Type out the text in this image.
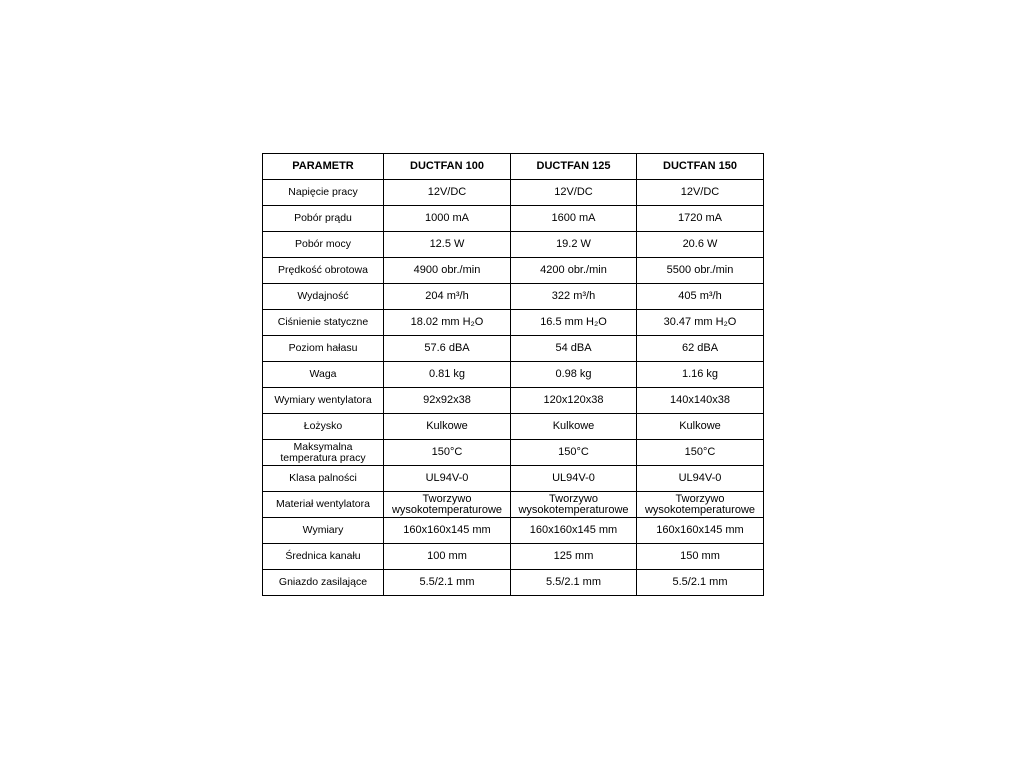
PARAMETR	DUCTFAN 100	DUCTFAN 125	DUCTFAN 150
Napięcie pracy	12V/DC	12V/DC	12V/DC
Pobór prądu	1000 mA	1600 mA	1720 mA
Pobór mocy	12.5 W	19.2 W	20.6 W
Prędkość obrotowa	4900 obr./min	4200 obr./min	5500 obr./min
Wydajność	204 m³/h	322 m³/h	405 m³/h
Ciśnienie statyczne	18.02 mm H₂O	16.5 mm H₂O	30.47 mm H₂O
Poziom hałasu	57.6 dBA	54 dBA	62 dBA
Waga	0.81 kg	0.98 kg	1.16 kg
Wymiary wentylatora	92x92x38	120x120x38	140x140x38
Łożysko	Kulkowe	Kulkowe	Kulkowe
Maksymalna temperatura pracy	150°C	150°C	150°C
Klasa palności	UL94V-0	UL94V-0	UL94V-0
Materiał wentylatora	Tworzywo wysokotemperaturowe	Tworzywo wysokotemperaturowe	Tworzywo wysokotemperaturowe
Wymiary	160x160x145 mm	160x160x145 mm	160x160x145 mm
Średnica kanału	100 mm	125 mm	150 mm
Gniazdo zasilające	5.5/2.1 mm	5.5/2.1 mm	5.5/2.1 mm
